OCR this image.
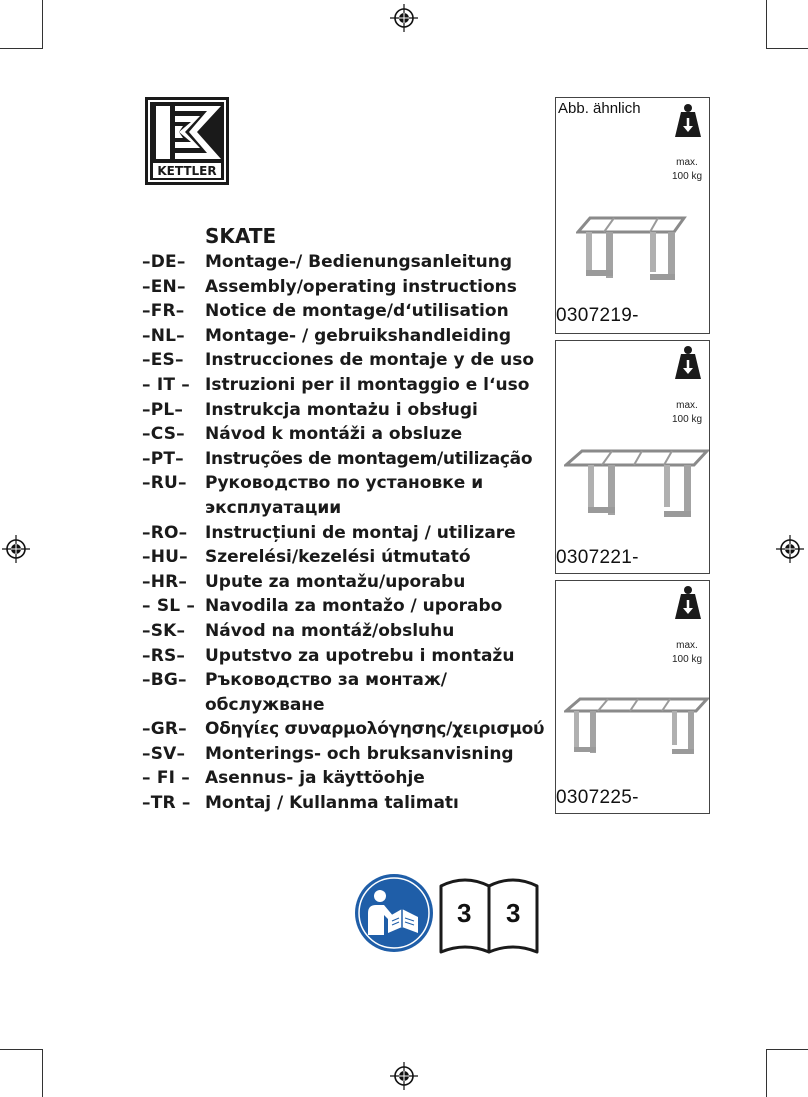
KETTLER
SKATE
–DE–	Montage-/ Bedienungsanleitung
–EN–	Assembly/operating instructions
–FR–	Notice de montage/dʻutilisation
–NL–	Montage- / gebruikshandleiding
–ES–	Instrucciones de montaje y de uso
– IT – Istruzioni per il montaggio e lʻuso
–PL–	Instrukcja montażu i obsługi
–CS–	Návod k montáži a obsluze
–PT–	Instruções de montagem/utilização
–RU–	Руководство по установке и эксплуатации
–RO–	Instrucțiuni de montaj / utilizare
–HU–	Szerelési/kezelési útmutató
–HR–	Upute za montažu/uporabu
– SL – Navodila za montažo / uporabo
–SK–	Návod na montáž/obsluhu
–RS–	Uputstvo za upotrebu i montažu
–BG–	Ръководство за монтаж/ обслужване
–GR–	Οδηγίες συναρμολόγησης/χειρισμού
–SV–	Monterings- och bruksanvisning
– FI – Asennus- ja käyttöohje
–TR – Montaj / Kullanma talimatı
Abb. ähnlich
max.
100 kg
0307219-
max.
100 kg
0307221-
max.
100 kg
0307225-
3 3
